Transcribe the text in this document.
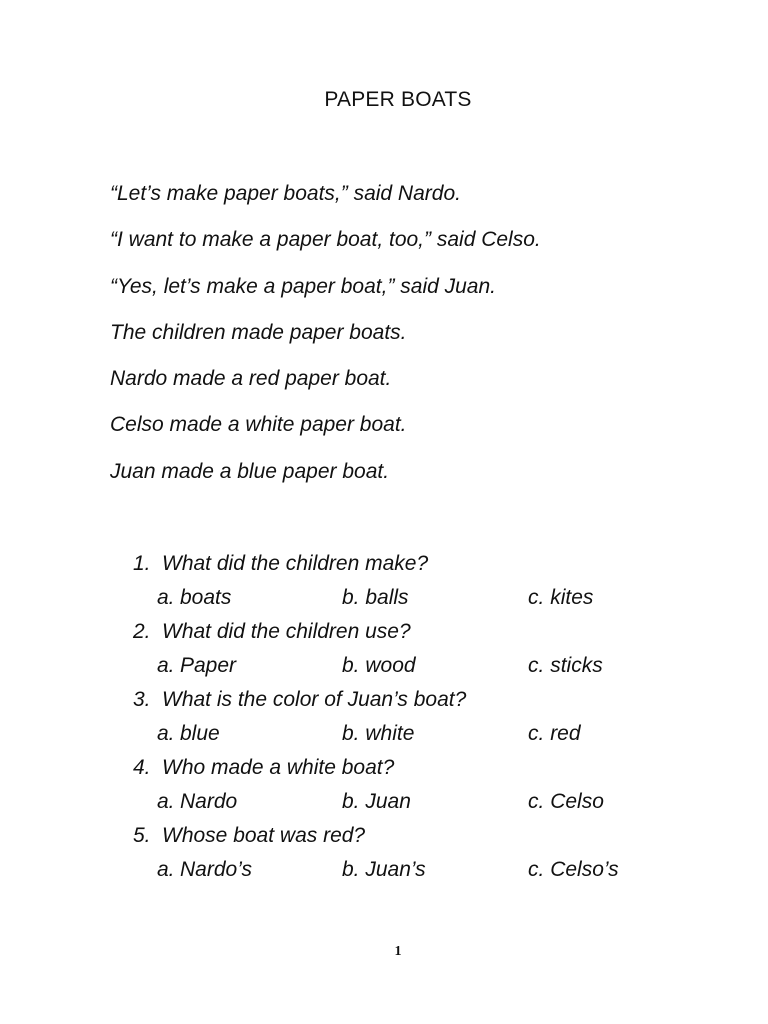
PAPER BOATS
“Let’s make paper boats,” said Nardo.
“I want to make a paper boat, too,” said Celso.
“Yes, let’s make a paper boat,” said Juan.
The children made paper boats.
Nardo made a red paper boat.
Celso made a white paper boat.
Juan made a blue paper boat.
1. What did the children make?
a. boats	b. balls	c. kites
2. What did the children use?
a. Paper	b. wood	c. sticks
3. What is the color of Juan’s boat?
a. blue	b. white	c. red
4. Who made a white boat?
a. Nardo	b. Juan	c. Celso
5. Whose boat was red?
a. Nardo’s	b. Juan’s	c. Celso’s
1
